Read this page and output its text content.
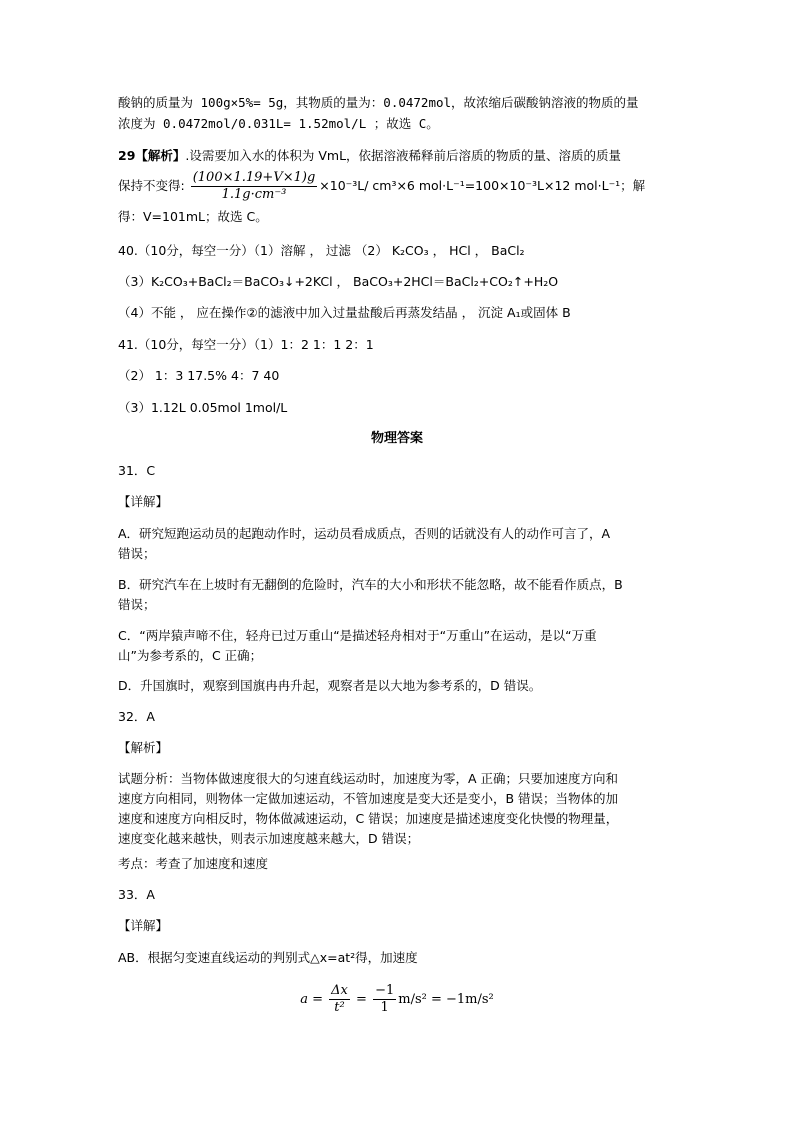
酸钠的质量为 100g×5%= 5g，其物质的量为：0.0472mol，故浓缩后碳酸钠溶液的物质的量
浓度为 0.0472mol/0.031L= 1.52mol/L ；故选 C。
29【解析】.设需要加入水的体积为 VmL，依据溶液稀释前后溶质的物质的量、溶质的质量
保持不变得: $\frac{(100\times 1.19+V\times 1)g}{\text{1.1g·cm⁻³}} \times 10^{-3}L/$ cm³×6 mol·L⁻¹=100×10⁻³L×12 mol·L⁻¹；解
得：V=101mL；故选 C。
40.（10分，每空一分）（1）溶解 ， 过滤 （2） K₂CO₃ ， HCl ， BaCl₂
（3）K₂CO₃+BaCl₂＝BaCO₃↓+2KCl ， BaCO₃+2HCl＝BaCl₂+CO₂↑+H₂O
（4）不能 ， 应在操作②的滤液中加入过量盐酸后再蒸发结晶 ， 沉淀 A₁或固体 B
41.（10分，每空一分）（1）1：2 1：1 2：1
（2） 1：3 17.5% 4：7 40
（3）1.12L 0.05mol 1mol/L
物理答案
31．C
【详解】
A．研究短跑运动员的起跑动作时，运动员看成质点，否则的话就没有人的动作可言了，A
错误；
B．研究汽车在上坡时有无翻倒的危险时，汽车的大小和形状不能忽略，故不能看作质点，B
错误；
C．“两岸猿声啼不住，轻舟已过万重山“是描述轻舟相对于“万重山”在运动，是以“万重
山”为参考系的，C 正确；
D．升国旗时，观察到国旗冉冉升起，观察者是以大地为参考系的，D 错误。
32．A
【解析】
试题分析：当物体做速度很大的匀速直线运动时，加速度为零，A 正确；只要加速度方向和
速度方向相同，则物体一定做加速运动，不管加速度是变大还是变小，B 错误；当物体的加
速度和速度方向相反时，物体做减速运动，C 错误；加速度是描述速度变化快慢的物理量，
速度变化越来越快，则表示加速度越来越大，D 错误；
考点：考查了加速度和速度
33．A
【详解】
AB．根据匀变速直线运动的判别式△x=at²得，加速度
$a = \frac{\Delta x}{\text{t²}} = \frac{-1}{1} m/s^2 = -1m/s^2$
